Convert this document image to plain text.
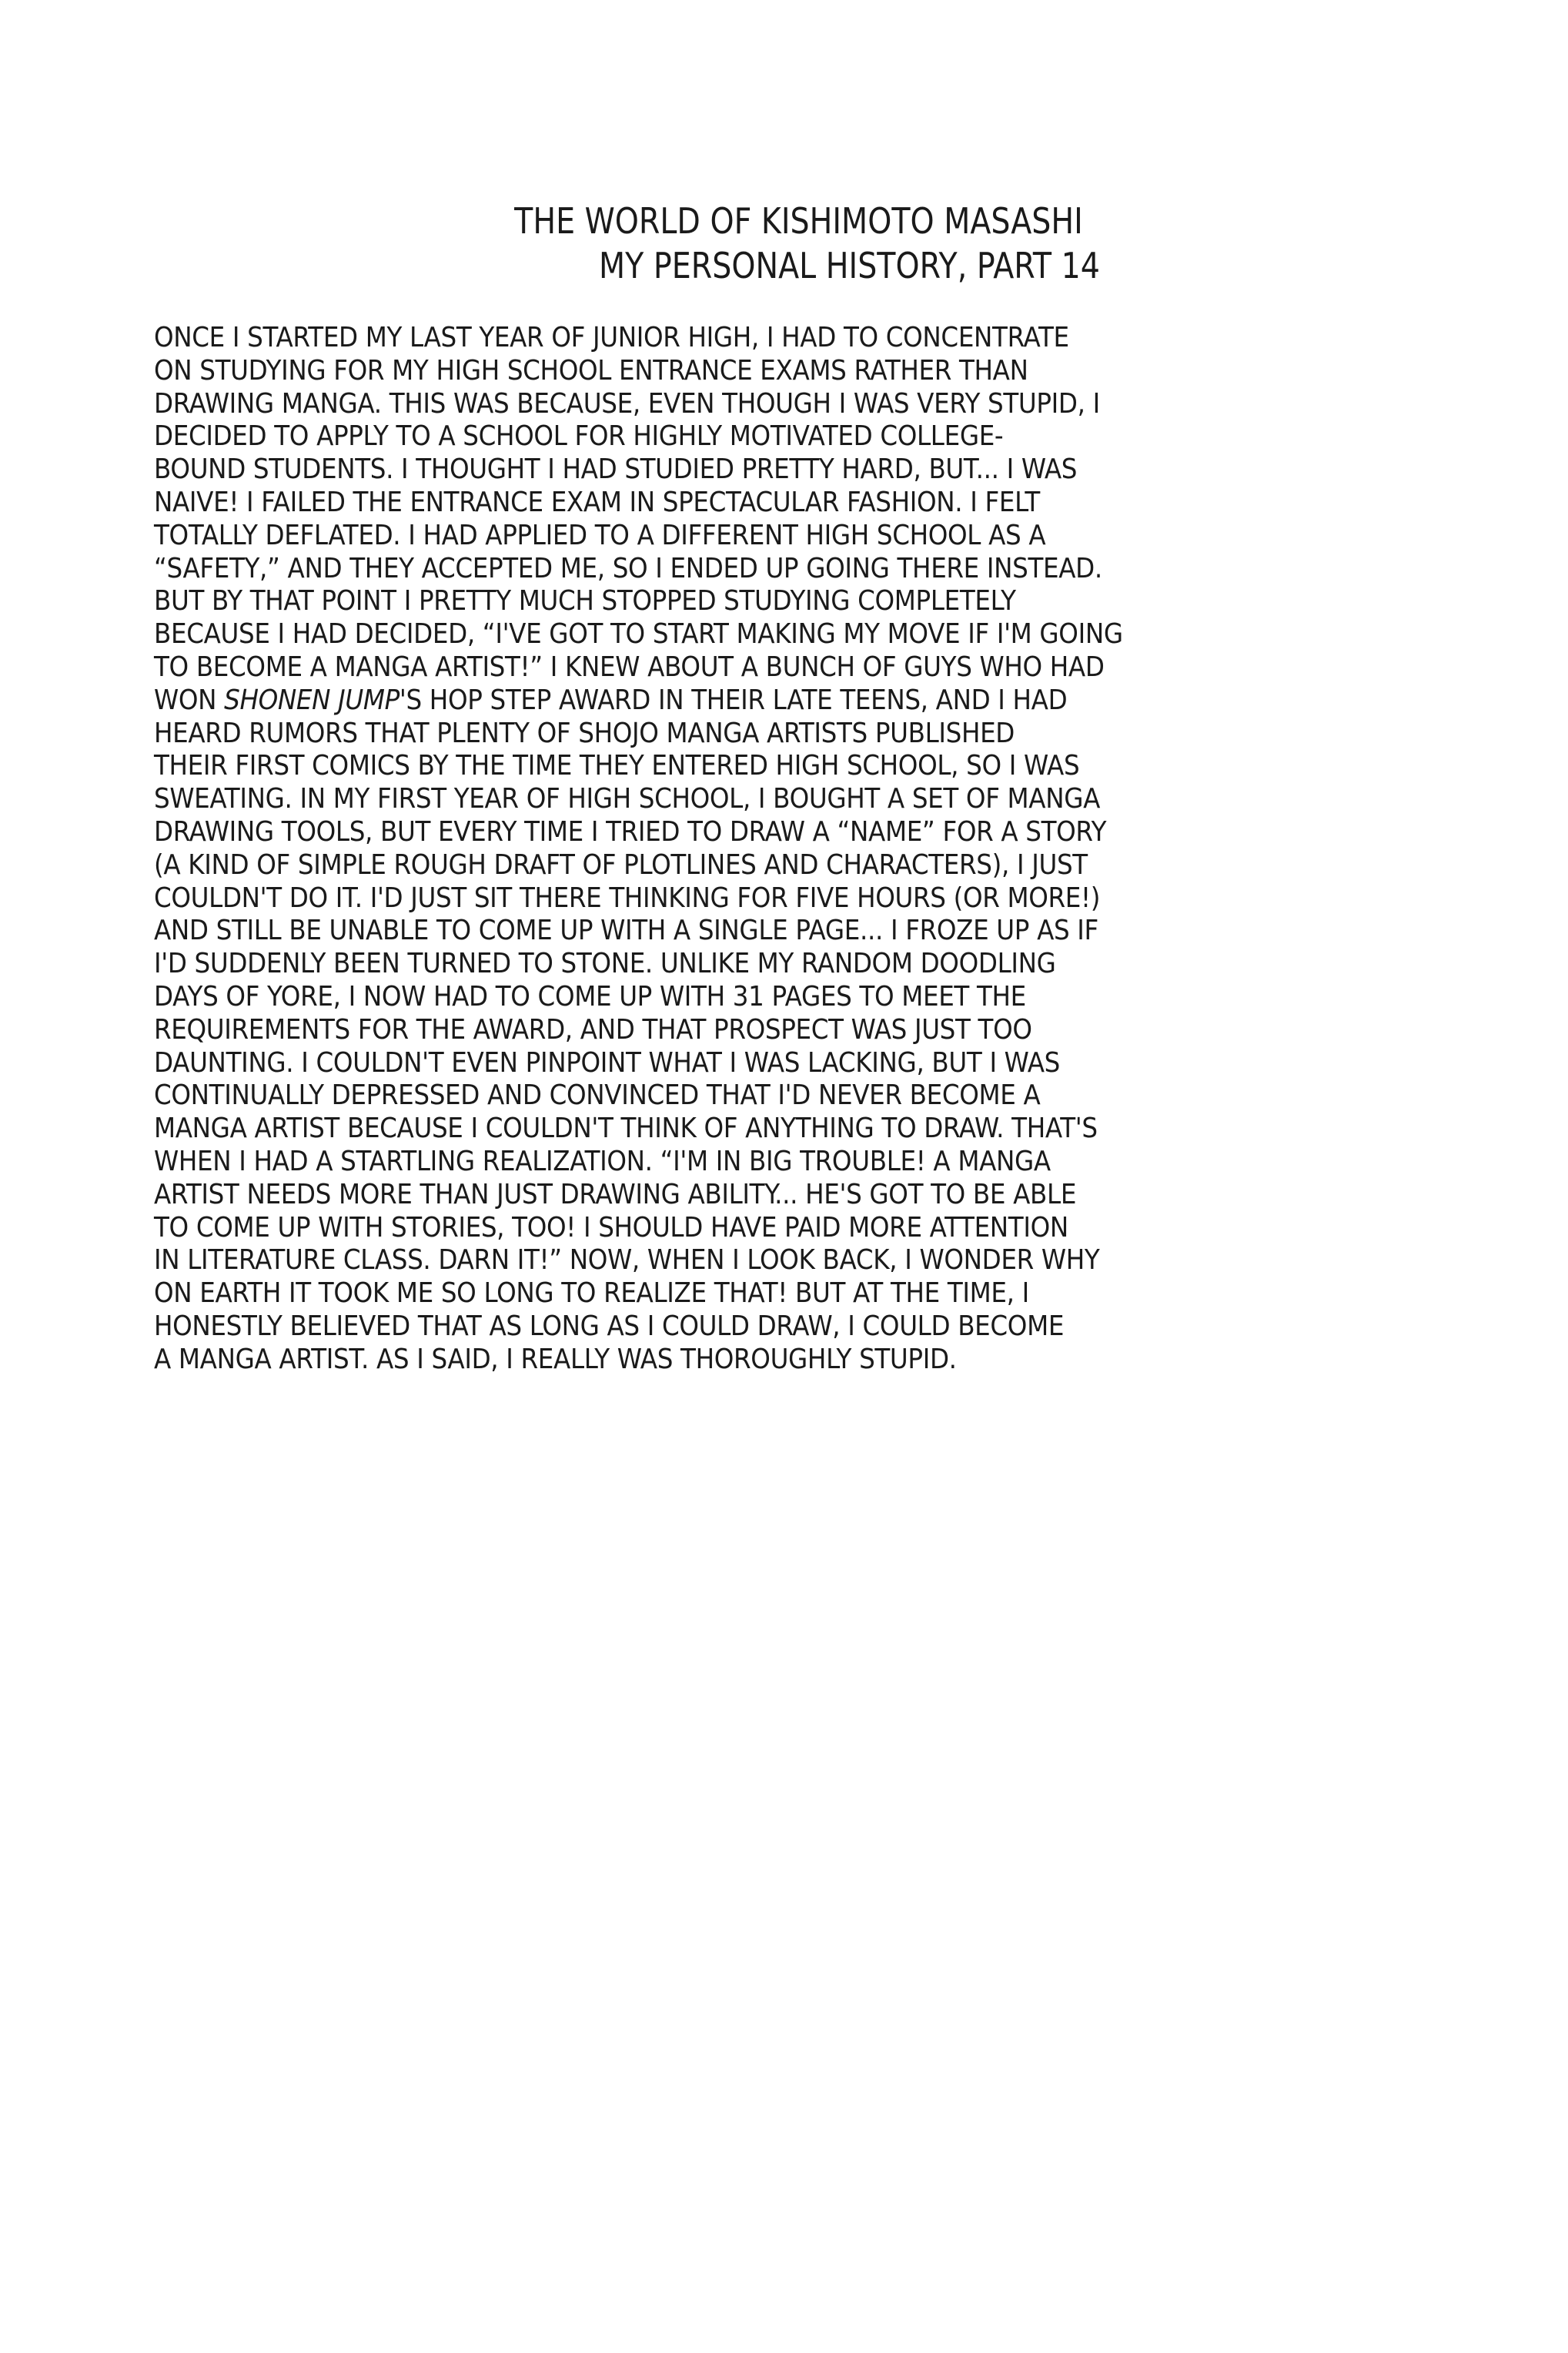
THE WORLD OF KISHIMOTO MASASHI
MY PERSONAL HISTORY, PART 14
ONCE I STARTED MY LAST YEAR OF JUNIOR HIGH, I HAD TO CONCENTRATE
ON STUDYING FOR MY HIGH SCHOOL ENTRANCE EXAMS RATHER THAN
DRAWING MANGA. THIS WAS BECAUSE, EVEN THOUGH I WAS VERY STUPID, I
DECIDED TO APPLY TO A SCHOOL FOR HIGHLY MOTIVATED COLLEGE-
BOUND STUDENTS. I THOUGHT I HAD STUDIED PRETTY HARD, BUT... I WAS
NAIVE! I FAILED THE ENTRANCE EXAM IN SPECTACULAR FASHION. I FELT
TOTALLY DEFLATED. I HAD APPLIED TO A DIFFERENT HIGH SCHOOL AS A
“SAFETY,” AND THEY ACCEPTED ME, SO I ENDED UP GOING THERE INSTEAD.
BUT BY THAT POINT I PRETTY MUCH STOPPED STUDYING COMPLETELY
BECAUSE I HAD DECIDED, “I'VE GOT TO START MAKING MY MOVE IF I'M GOING
TO BECOME A MANGA ARTIST!” I KNEW ABOUT A BUNCH OF GUYS WHO HAD
WON SHONEN JUMP'S HOP STEP AWARD IN THEIR LATE TEENS, AND I HAD
HEARD RUMORS THAT PLENTY OF SHOJO MANGA ARTISTS PUBLISHED
THEIR FIRST COMICS BY THE TIME THEY ENTERED HIGH SCHOOL, SO I WAS
SWEATING. IN MY FIRST YEAR OF HIGH SCHOOL, I BOUGHT A SET OF MANGA
DRAWING TOOLS, BUT EVERY TIME I TRIED TO DRAW A “NAME” FOR A STORY
(A KIND OF SIMPLE ROUGH DRAFT OF PLOTLINES AND CHARACTERS), I JUST
COULDN'T DO IT. I'D JUST SIT THERE THINKING FOR FIVE HOURS (OR MORE!)
AND STILL BE UNABLE TO COME UP WITH A SINGLE PAGE... I FROZE UP AS IF
I'D SUDDENLY BEEN TURNED TO STONE. UNLIKE MY RANDOM DOODLING
DAYS OF YORE, I NOW HAD TO COME UP WITH 31 PAGES TO MEET THE
REQUIREMENTS FOR THE AWARD, AND THAT PROSPECT WAS JUST TOO
DAUNTING. I COULDN'T EVEN PINPOINT WHAT I WAS LACKING, BUT I WAS
CONTINUALLY DEPRESSED AND CONVINCED THAT I'D NEVER BECOME A
MANGA ARTIST BECAUSE I COULDN'T THINK OF ANYTHING TO DRAW. THAT'S
WHEN I HAD A STARTLING REALIZATION. “I'M IN BIG TROUBLE! A MANGA
ARTIST NEEDS MORE THAN JUST DRAWING ABILITY... HE'S GOT TO BE ABLE
TO COME UP WITH STORIES, TOO! I SHOULD HAVE PAID MORE ATTENTION
IN LITERATURE CLASS. DARN IT!” NOW, WHEN I LOOK BACK, I WONDER WHY
ON EARTH IT TOOK ME SO LONG TO REALIZE THAT! BUT AT THE TIME, I
HONESTLY BELIEVED THAT AS LONG AS I COULD DRAW, I COULD BECOME
A MANGA ARTIST. AS I SAID, I REALLY WAS THOROUGHLY STUPID.
